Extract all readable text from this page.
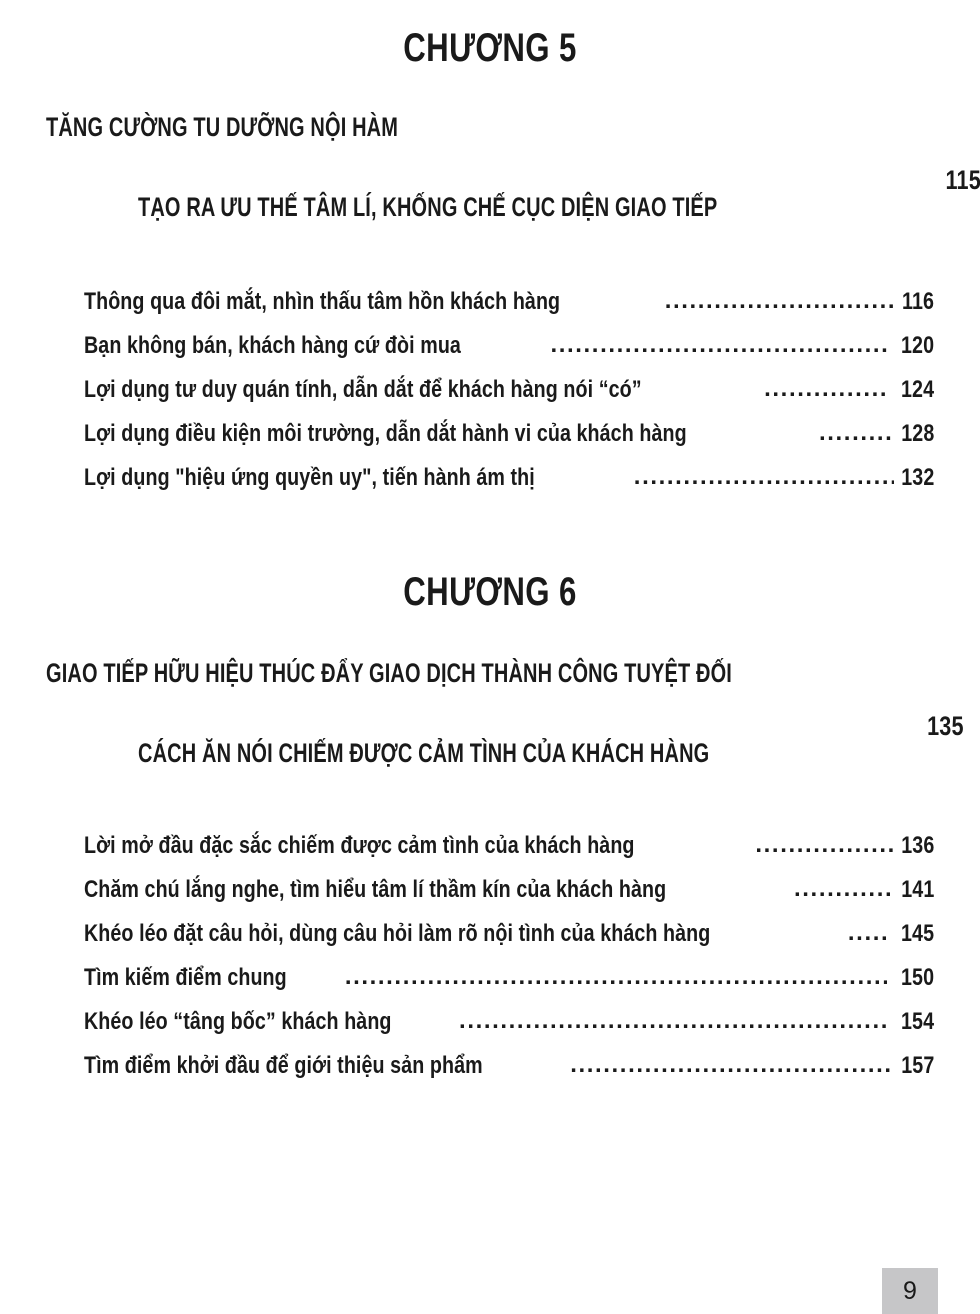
CHƯƠNG 5
TĂNG CƯỜNG TU DƯỠNG NỘI HÀM

TẠO RA ƯU THẾ TÂM LÍ, KHỐNG CHẾ CỤC DIỆN GIAO TIẾP

115
Thông qua đôi mắt, nhìn thấu tâm hồn khách hàng .....	116
Bạn không bán, khách hàng cứ đòi mua .....	120
Lợi dụng tư duy quán tính, dẫn dắt để khách hàng nói “có” .....	124
Lợi dụng điều kiện môi trường, dẫn dắt hành vi của khách hàng .....	128
Lợi dụng "hiệu ứng quyền uy", tiến hành ám thị .....	132
CHƯƠNG 6
GIAO TIẾP HỮU HIỆU THÚC ĐẨY GIAO DỊCH THÀNH CÔNG TUYỆT ĐỐI

CÁCH ĂN NÓI CHIẾM ĐƯỢC CẢM TÌNH CỦA KHÁCH HÀNG

135
Lời mở đầu đặc sắc chiếm được cảm tình của khách hàng .....	136
Chăm chú lắng nghe, tìm hiểu tâm lí thầm kín của khách hàng .....	141
Khéo léo đặt câu hỏi, dùng câu hỏi làm rõ nội tình của khách hàng .....	145
Tìm kiếm điểm chung .....	150
Khéo léo “tâng bốc” khách hàng .....	154
Tìm điểm khởi đầu để giới thiệu sản phẩm .....	157
9
